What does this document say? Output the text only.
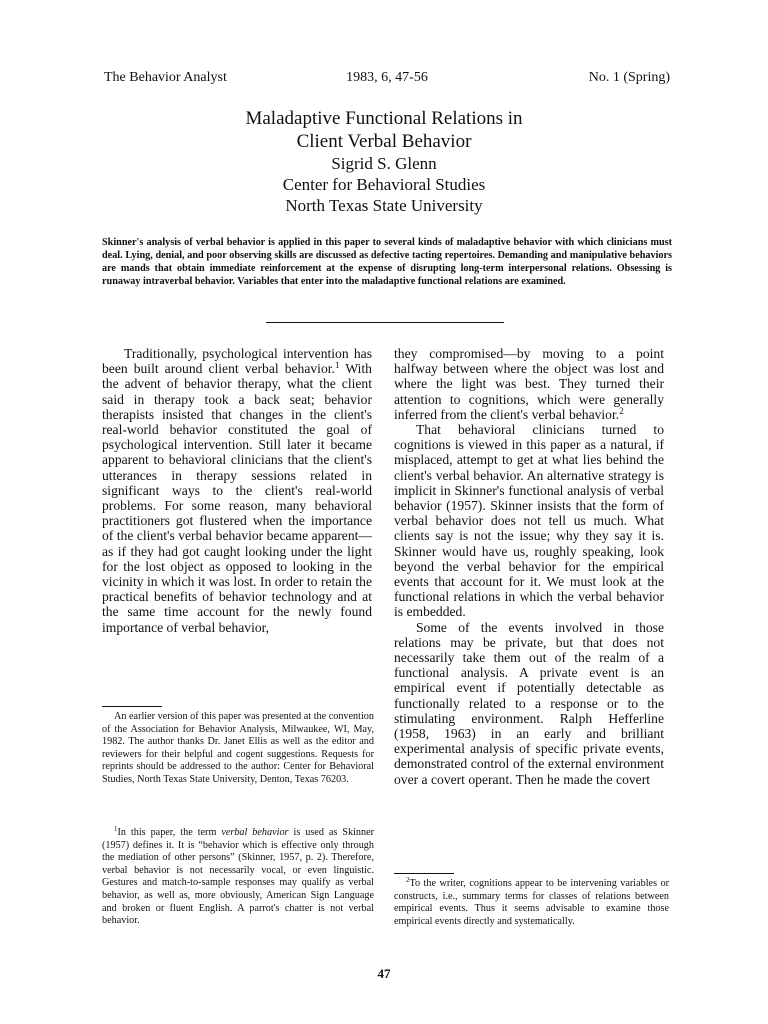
The Behavior Analyst	1983, 6, 47-56	No. 1 (Spring)
Maladaptive Functional Relations in
Client Verbal Behavior
Sigrid S. Glenn
Center for Behavioral Studies
North Texas State University
Skinner's analysis of verbal behavior is applied in this paper to several kinds of maladaptive behavior with which clinicians must deal. Lying, denial, and poor observing skills are discussed as defective tacting repertoires. Demanding and manipulative behaviors are mands that obtain immediate reinforcement at the expense of disrupting long-term interpersonal relations. Obsessing is runaway intraverbal behavior. Variables that enter into the maladaptive functional relations are examined.

Traditionally, psychological intervention has been built around client verbal behavior.$^1$ With the advent of behavior therapy, what the client said in therapy took a back seat; behavior therapists insisted that changes in the client's real-world behavior constituted the goal of psychological intervention. Still later it became apparent to behavioral clinicians that the client's utterances in therapy sessions related in significant ways to the client's real-world problems. For some reason, many behavioral practitioners got flustered when the importance of the client's verbal behavior became apparent—as if they had got caught looking under the light for the lost object as opposed to looking in the vicinity in which it was lost. In order to retain the practical benefits of behavior technology and at the same time account for the newly found importance of verbal behavior,

they compromised—by moving to a point halfway between where the object was lost and where the light was best. They turned their attention to cognitions, which were generally inferred from the client's verbal behavior.$^2$

That behavioral clinicians turned to cognitions is viewed in this paper as a natural, if misplaced, attempt to get at what lies behind the client's verbal behavior. An alternative strategy is implicit in Skinner's functional analysis of verbal behavior (1957). Skinner insists that the form of verbal behavior does not tell us much. What clients say is not the issue; why they say it is. Skinner would have us, roughly speaking, look beyond the verbal behavior for the empirical events that account for it. We must look at the functional relations in which the verbal behavior is embedded.

Some of the events involved in those relations may be private, but that does not necessarily take them out of the realm of a functional analysis. A private event is an empirical event if potentially detectable as functionally related to a response or to the stimulating environment. Ralph Hefferline (1958, 1963) in an early and brilliant experimental analysis of specific private events, demonstrated control of the external environment over a covert operant. Then he made the covert

An earlier version of this paper was presented at the convention of the Association for Behavior Analysis, Milwaukee, WI, May, 1982. The author thanks Dr. Janet Ellis as well as the editor and reviewers for their helpful and cogent suggestions. Requests for reprints should be addressed to the author: Center for Behavioral Studies, North Texas State University, Denton, Texas 76203.

$^1$In this paper, the term verbal behavior is used as Skinner (1957) defines it. It is “behavior which is effective only through the mediation of other persons” (Skinner, 1957, p. 2). Therefore, verbal behavior is not necessarily vocal, or even linguistic. Gestures and match-to-sample responses may qualify as verbal behavior, as well as, more obviously, American Sign Language and broken or fluent English. A parrot's chatter is not verbal behavior.

$^2$To the writer, cognitions appear to be intervening variables or constructs, i.e., summary terms for classes of relations between empirical events. Thus it seems advisable to examine those empirical events directly and systematically.

47
